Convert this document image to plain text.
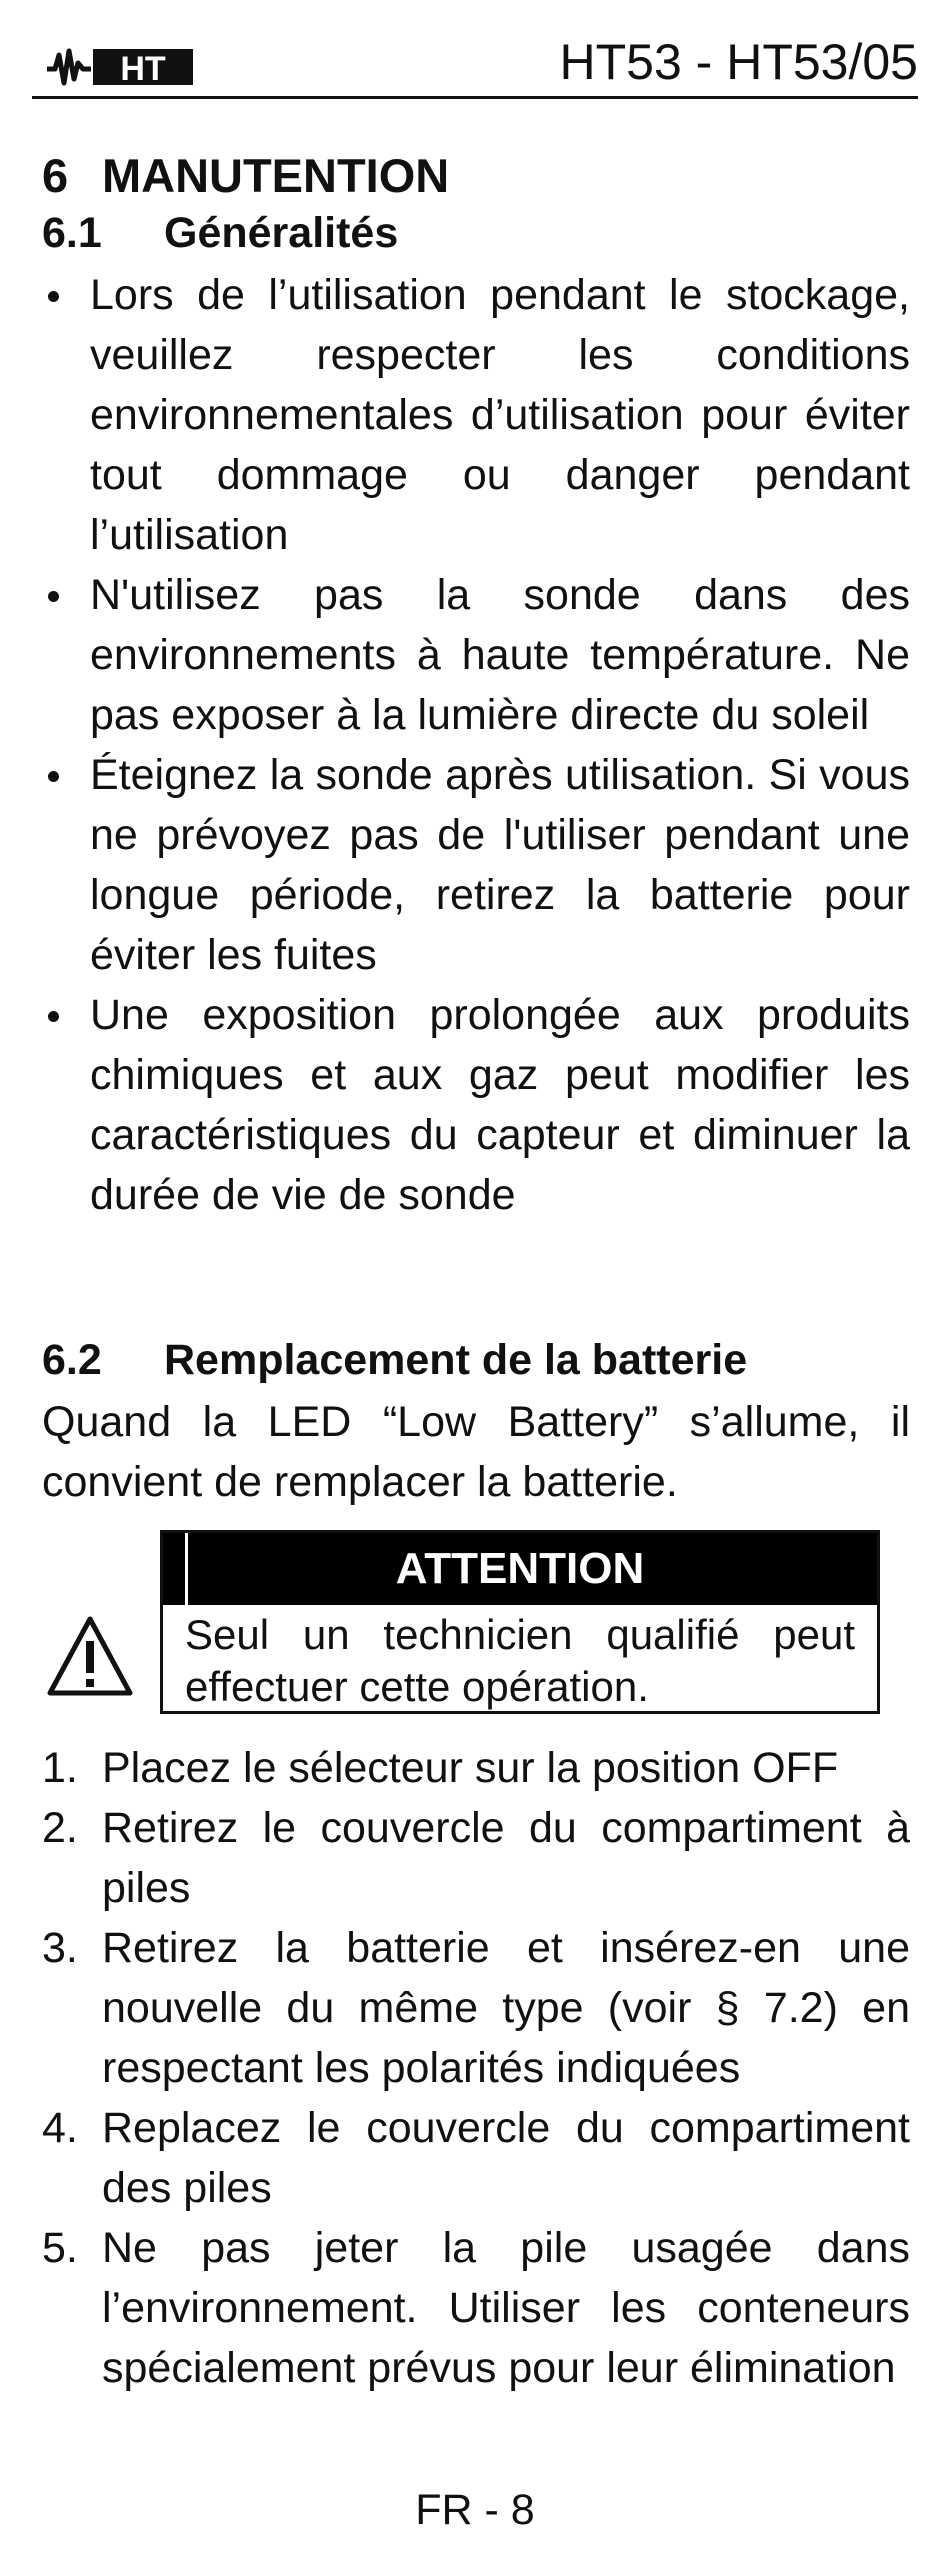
HT	HT53 - HT53/05
6 MANUTENTION
6.1 Généralités
Lors de l’utilisation pendant le stockage, veuillez respecter les conditions environnementales d’utilisation pour éviter tout dommage ou danger pendant l’utilisation
N'utilisez pas la sonde dans des environnements à haute température. Ne pas exposer à la lumière directe du soleil
Éteignez la sonde après utilisation. Si vous ne prévoyez pas de l'utiliser pendant une longue période, retirez la batterie pour éviter les fuites
Une exposition prolongée aux produits chimiques et aux gaz peut modifier les caractéristiques du capteur et diminuer la durée de vie de sonde
6.2 Remplacement de la batterie
Quand la LED “Low Battery” s’allume, il convient de remplacer la batterie.
ATTENTION
Seul un technicien qualifié peut effectuer cette opération.
1. Placez le sélecteur sur la position OFF
2. Retirez le couvercle du compartiment à piles
3. Retirez la batterie et insérez-en une nouvelle du même type (voir § 7.2) en respectant les polarités indiquées
4. Replacez le couvercle du compartiment des piles
5. Ne pas jeter la pile usagée dans l’environnement. Utiliser les conteneurs spécialement prévus pour leur élimination
FR - 8
